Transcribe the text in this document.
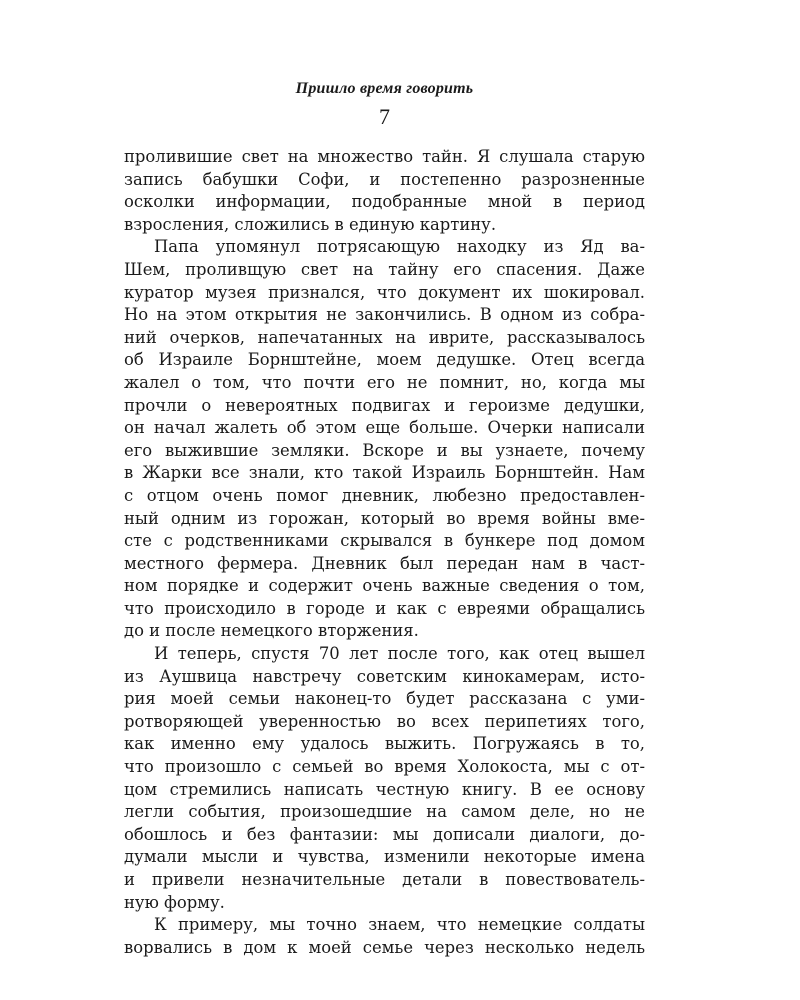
Пришло время говорить
7
проливишие свет на множество тайн. Я слушала старую
запись бабушки Софи, и постепенно разрозненные
осколки информации, подобранные мной в период
взросления, сложились в единую картину.
Папа упомянул потрясающую находку из Яд ва-
Шем, проливщую свет на тайну его спасения. Даже
куратор музея признался, что документ их шокировал.
Но на этом открытия не закончились. В одном из собра-
ний очерков, напечатанных на иврите, рассказывалось
об Израиле Борнштейне, моем дедушке. Отец всегда
жалел о том, что почти его не помнит, но, когда мы
прочли о невероятных подвигах и героизме дедушки,
он начал жалеть об этом еще больше. Очерки написали
его выжившие земляки. Вскоре и вы узнаете, почему
в Жарки все знали, кто такой Израиль Борнштейн. Нам
с отцом очень помог дневник, любезно предоставлен-
ный одним из горожан, который во время войны вме-
сте с родственниками скрывался в бункере под домом
местного фермера. Дневник был передан нам в част-
ном порядке и содержит очень важные сведения о том,
что происходило в городе и как с евреями обращались
до и после немецкого вторжения.
И теперь, спустя 70 лет после того, как отец вышел
из Аушвица навстречу советским кинокамерам, исто-
рия моей семьи наконец-то будет рассказана с уми-
ротворяющей уверенностью во всех перипетиях того,
как именно ему удалось выжить. Погружаясь в то,
что произошло с семьей во время Холокоста, мы с от-
цом стремились написать честную книгу. В ее основу
легли события, произошедшие на самом деле, но не
обошлось и без фантазии: мы дописали диалоги, до-
думали мысли и чувства, изменили некоторые имена
и привели незначительные детали в повествователь-
ную форму.
К примеру, мы точно знаем, что немецкие солдаты
ворвались в дом к моей семье через несколько недель
